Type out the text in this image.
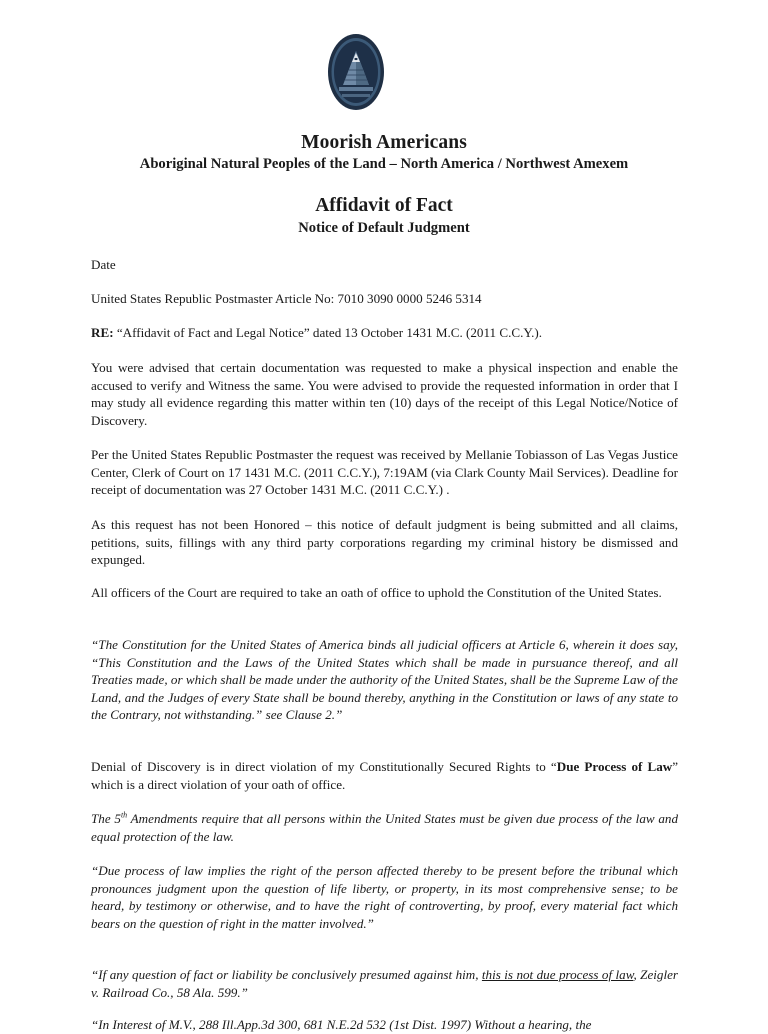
Moorish Americans
Aboriginal Natural Peoples of the Land – North America / Northwest Amexem
Affidavit of Fact
Notice of Default Judgment

Date

United States Republic Postmaster Article No: 7010 3090 0000 5246 5314

RE: “Affidavit of Fact and Legal Notice” dated 13 October 1431 M.C. (2011 C.C.Y.).

You were advised that certain documentation was requested to make a physical inspection and enable the accused to verify and Witness the same. You were advised to provide the requested information in order that I may study all evidence regarding this matter within ten (10) days of the receipt of this Legal Notice/Notice of Discovery.

Per the United States Republic Postmaster the request was received by Mellanie Tobiasson of Las Vegas Justice Center, Clerk of Court on 17 1431 M.C. (2011 C.C.Y.), 7:19AM (via Clark County Mail Services). Deadline for receipt of documentation was 27 October 1431 M.C. (2011 C.C.Y.) .

As this request has not been Honored – this notice of default judgment is being submitted and all claims, petitions, suits, fillings with any third party corporations regarding my criminal history be dismissed and expunged.

All officers of the Court are required to take an oath of office to uphold the Constitution of the United States.

“The Constitution for the United States of America binds all judicial officers at Article 6, wherein it does say, “This Constitution and the Laws of the United States which shall be made in pursuance thereof, and all Treaties made, or which shall be made under the authority of the United States, shall be the Supreme Law of the Land, and the Judges of every State shall be bound thereby, anything in the Constitution or laws of any state to the Contrary, not withstanding.” see Clause 2.”

Denial of Discovery is in direct violation of my Constitutionally Secured Rights to “Due Process of Law” which is a direct violation of your oath of office.

The 5th Amendments require that all persons within the United States must be given due process of the law and equal protection of the law.

“Due process of law implies the right of the person affected thereby to be present before the tribunal which pronounces judgment upon the question of life liberty, or property, in its most comprehensive sense; to be heard, by testimony or otherwise, and to have the right of controverting, by proof, every material fact which bears on the question of right in the matter involved.”

“If any question of fact or liability be conclusively presumed against him, this is not due process of law, Zeigler v. Railroad Co., 58 Ala. 599.”

“In Interest of M.V., 288 Ill.App.3d 300, 681 N.E.2d 532 (1st Dist. 1997) Without a hearing, the
